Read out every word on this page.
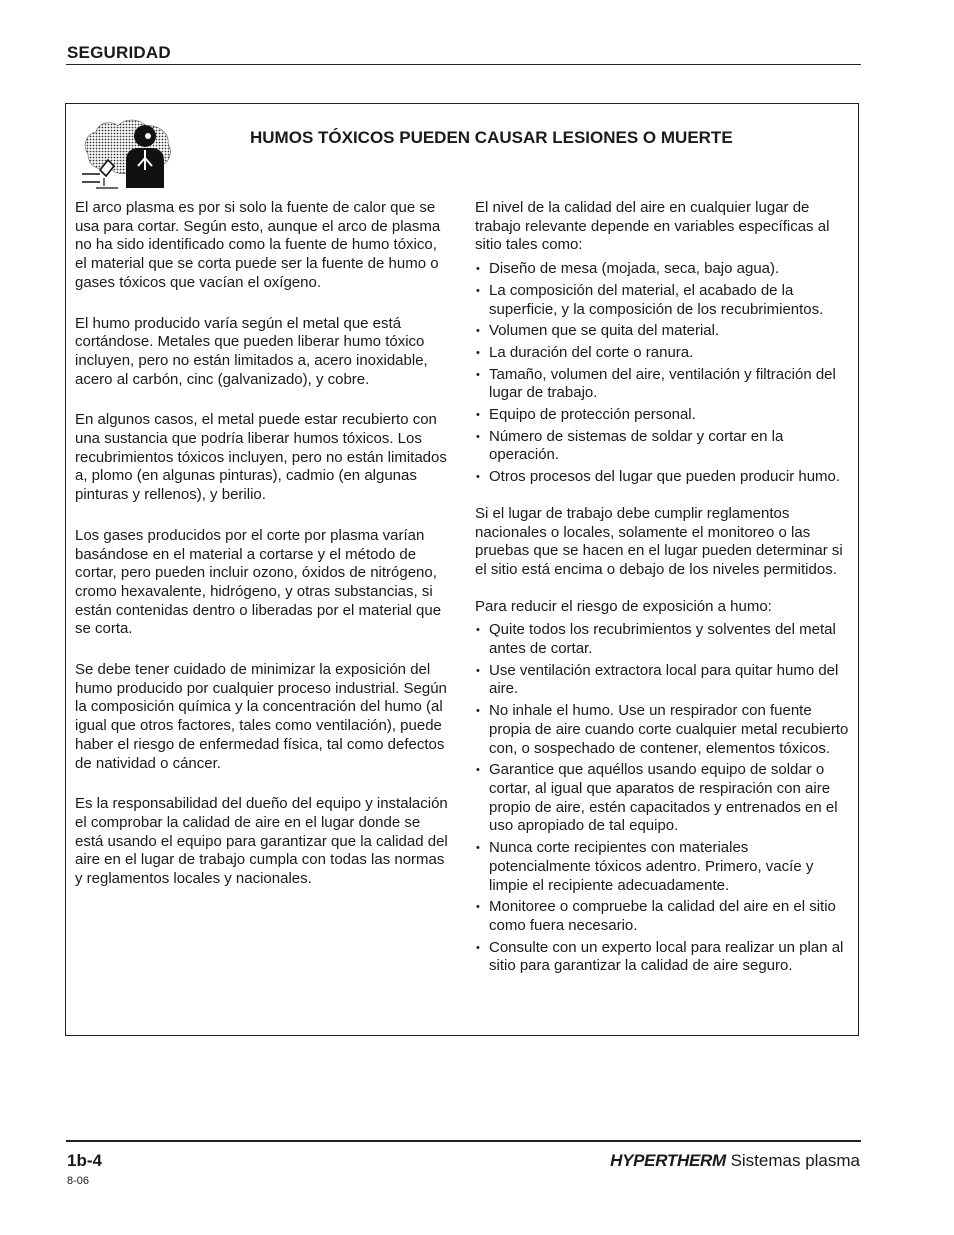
SEGURIDAD
HUMOS TÓXICOS PUEDEN CAUSAR LESIONES O MUERTE

El arco plasma es por si solo la fuente de calor que se usa para cortar. Según esto, aunque el arco de plasma no ha sido identificado como la fuente de humo tóxico, el material que se corta puede ser la fuente de humo o gases tóxicos que vacían el oxígeno.

El humo producido varía según el metal que está cortándose. Metales que pueden liberar humo tóxico incluyen, pero no están limitados a, acero inoxidable, acero al carbón, cinc (galvanizado), y cobre.

En algunos casos, el metal puede estar recubierto con una sustancia que podría liberar humos tóxicos. Los recubrimientos tóxicos incluyen, pero no están limitados a, plomo (en algunas pinturas), cadmio (en algunas pinturas y rellenos), y berilio.

Los gases producidos por el corte por plasma varían basándose en el material a cortarse y el método de cortar, pero pueden incluir ozono, óxidos de nitrógeno, cromo hexavalente, hidrógeno, y otras substancias, si están contenidas dentro o liberadas por el material que se corta.

Se debe tener cuidado de minimizar la exposición del humo producido por cualquier proceso industrial. Según la composición química y la concentración del humo (al igual que otros factores, tales como ventilación), puede haber el riesgo de enfermedad física, tal como defectos de natividad o cáncer.

Es la responsabilidad del dueño del equipo y instalación el comprobar la calidad de aire en el lugar donde se está usando el equipo para garantizar que la calidad del aire en el lugar de trabajo cumpla con todas las normas y reglamentos locales y nacionales.

El nivel de la calidad del aire en cualquier lugar de trabajo relevante depende en variables específicas al sitio tales como:

• Diseño de mesa (mojada, seca, bajo agua).
• La composición del material, el acabado de la superficie, y la composición de los recubrimientos.
• Volumen que se quita del material.
• La duración del corte o ranura.
• Tamaño, volumen del aire, ventilación y filtración del lugar de trabajo.
• Equipo de protección personal.
• Número de sistemas de soldar y cortar en la operación.
• Otros procesos del lugar que pueden producir humo.

Si el lugar de trabajo debe cumplir reglamentos nacionales o locales, solamente el monitoreo o las pruebas que se hacen en el lugar pueden determinar si el sitio está encima o debajo de los niveles permitidos.

Para reducir el riesgo de exposición a humo:

• Quite todos los recubrimientos y solventes del metal antes de cortar.
• Use ventilación extractora local para quitar humo del aire.
• No inhale el humo. Use un respirador con fuente propia de aire cuando corte cualquier metal recubierto con, o sospechado de contener, elementos tóxicos.
• Garantice que aquéllos usando equipo de soldar o cortar, al igual que aparatos de respiración con aire propio de aire, estén capacitados y entrenados en el uso apropiado de tal equipo.
• Nunca corte recipientes con materiales potencialmente tóxicos adentro. Primero, vacíe y limpie el recipiente adecuadamente.
• Monitoree o compruebe la calidad del aire en el sitio como fuera necesario.
• Consulte con un experto local para realizar un plan al sitio para garantizar la calidad de aire seguro.
1b-4
8-06
HYPERTHERM Sistemas plasma
